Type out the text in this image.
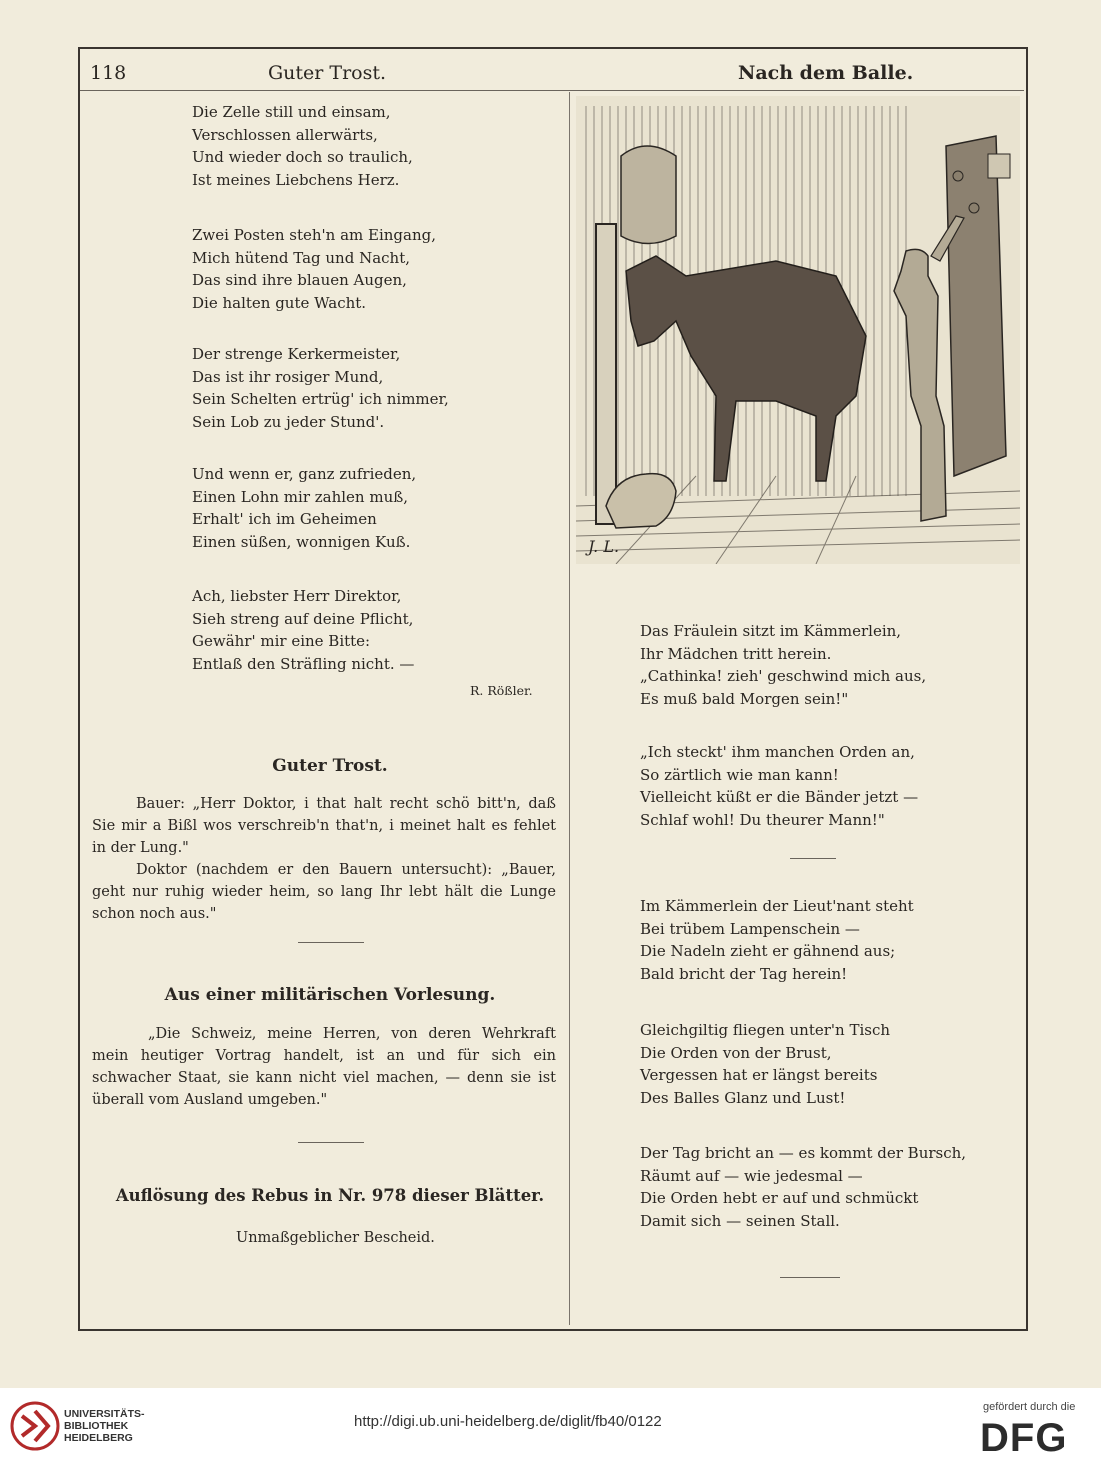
118	Guter Trost.	Nach dem Balle.
Die Zelle still und einsam,
Verschlossen allerwärts,
Und wieder doch so traulich,
Ist meines Liebchens Herz.
Zwei Posten steh'n am Eingang,
Mich hütend Tag und Nacht,
Das sind ihre blauen Augen,
Die halten gute Wacht.
Der strenge Kerkermeister,
Das ist ihr rosiger Mund,
Sein Schelten ertrüg' ich nimmer,
Sein Lob zu jeder Stund'.
Und wenn er, ganz zufrieden,
Einen Lohn mir zahlen muß,
Erhalt' ich im Geheimen
Einen süßen, wonnigen Kuß.
Ach, liebster Herr Direktor,
Sieh streng auf deine Pflicht,
Gewähr' mir eine Bitte:
Entlaß den Sträfling nicht. —
R. Rößler.
Guter Trost.

Bauer: „Herr Doktor, i that halt recht schö bitt'n, daß Sie mir a Bißl wos verschreib'n that'n, i meinet halt es fehlet in der Lung."

Doktor (nachdem er den Bauern untersucht): „Bauer, geht nur ruhig wieder heim, so lang Ihr lebt hält die Lunge schon noch aus."

Aus einer militärischen Vorlesung.

„Die Schweiz, meine Herren, von deren Wehrkraft mein heutiger Vortrag handelt, ist an und für sich ein schwacher Staat, sie kann nicht viel machen, — denn sie ist überall vom Ausland umgeben."

Auflösung des Rebus in Nr. 978 dieser Blätter.
Unmaßgeblicher Bescheid.
J. L.
Das Fräulein sitzt im Kämmerlein,
Ihr Mädchen tritt herein.
„Cathinka! zieh' geschwind mich aus,
Es muß bald Morgen sein!"
„Ich steckt' ihm manchen Orden an,
So zärtlich wie man kann!
Vielleicht küßt er die Bänder jetzt —
Schlaf wohl! Du theurer Mann!"
Im Kämmerlein der Lieut'nant steht
Bei trübem Lampenschein —
Die Nadeln zieht er gähnend aus;
Bald bricht der Tag herein!
Gleichgiltig fliegen unter'n Tisch
Die Orden von der Brust,
Vergessen hat er längst bereits
Des Balles Glanz und Lust!
Der Tag bricht an — es kommt der Bursch,
Räumt auf — wie jedesmal —
Die Orden hebt er auf und schmückt
Damit sich — seinen Stall.
UNIVERSITÄTS-
BIBLIOTHEK
HEIDELBERG
http://digi.ub.uni-heidelberg.de/diglit/fb40/0122
gefördert durch die
DFG
